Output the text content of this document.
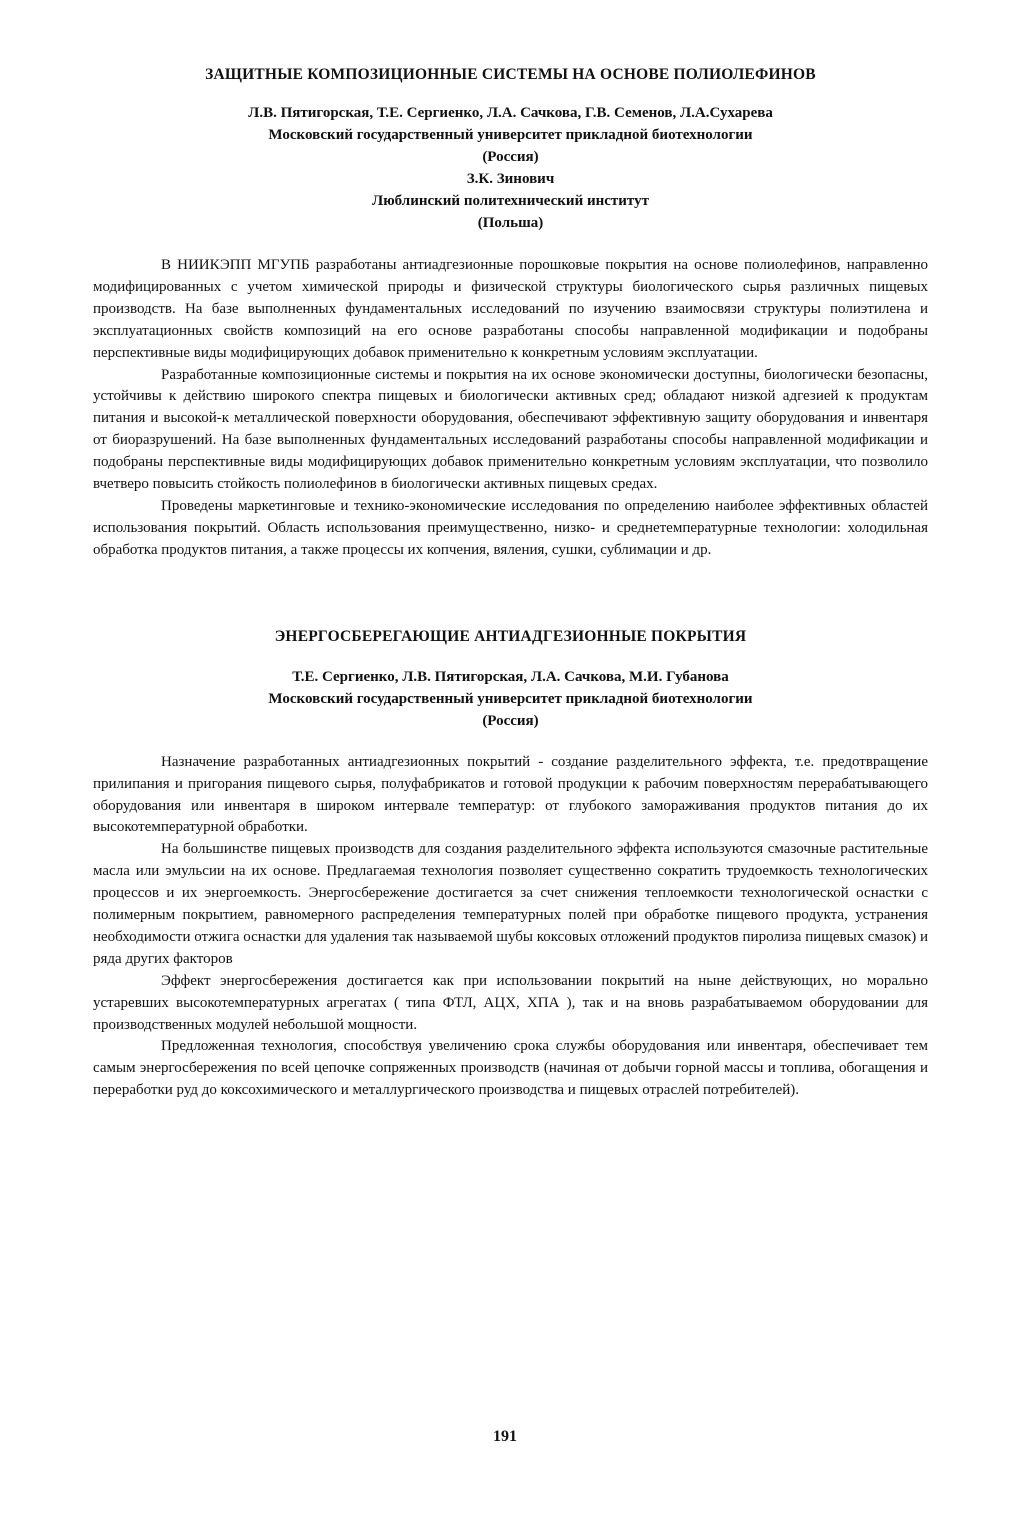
ЗАЩИТНЫЕ КОМПОЗИЦИОННЫЕ СИСТЕМЫ НА ОСНОВЕ ПОЛИОЛЕФИНОВ

Л.В. Пятигорская, Т.Е. Сергиенко, Л.А. Сачкова, Г.В. Семенов, Л.А.Сухарева

Московский государственный университет прикладной биотехнологии

(Россия)

З.К. Зинович

Люблинский политехнический институт

(Польша)

В НИИКЭПП МГУПБ разработаны антиадгезионные порошковые покрытия на основе полиолефинов, направленно модифицированных с учетом химической природы и физической структуры биологического сырья различных пищевых производств. На базе выполненных фундаментальных исследований по изучению взаимосвязи структуры полиэтилена и эксплуатационных свойств композиций на его основе разработаны способы направленной модификации и подобраны перспективные виды модифицирующих добавок применительно к конкретным условиям эксплуатации.

Разработанные композиционные системы и покрытия на их основе экономически доступны, биологически безопасны, устойчивы к действию широкого спектра пищевых и биологически активных сред; обладают низкой адгезией к продуктам питания и высокой-к металлической поверхности оборудования, обеспечивают эффективную защиту оборудования и инвентаря от биоразрушений. На базе выполненных фундаментальных исследований разработаны способы направленной модификации и подобраны перспективные виды модифицирующих добавок применительно конкретным условиям эксплуатации, что позволило вчетверо повысить стойкость полиолефинов в биологически активных пищевых средах.

Проведены маркетинговые и технико-экономические исследования по определению наиболее эффективных областей использования покрытий. Область использования преимущественно, низко- и среднетемпературные технологии: холодильная обработка продуктов питания, а также процессы их копчения, вяления, сушки, сублимации и др.

ЭНЕРГОСБЕРЕГАЮЩИЕ АНТИАДГЕЗИОННЫЕ ПОКРЫТИЯ

Т.Е. Сергиенко, Л.В. Пятигорская, Л.А. Сачкова, М.И. Губанова

Московский государственный университет прикладной биотехнологии

(Россия)

Назначение разработанных антиадгезионных покрытий - создание разделительного эффекта, т.е. предотвращение прилипания и пригорания пищевого сырья, полуфабрикатов и готовой продукции к рабочим поверхностям перерабатывающего оборудования или инвентаря в широком интервале температур: от глубокого замораживания продуктов питания до их высокотемпературной обработки.

На большинстве пищевых производств для создания разделительного эффекта используются смазочные растительные масла или эмульсии на их основе. Предлагаемая технология позволяет существенно сократить трудоемкость технологических процессов и их энергоемкость. Энергосбережение достигается за счет снижения теплоемкости технологической оснастки с полимерным покрытием, равномерного распределения температурных полей при обработке пищевого продукта, устранения необходимости отжига оснастки для удаления так называемой шубы коксовых отложений продуктов пиролиза пищевых смазок) и ряда других факторов

Эффект энергосбережения достигается как при использовании покрытий на ныне действующих, но морально устаревших высокотемпературных агрегатах ( типа ФТЛ, АЦХ, ХПА ), так и на вновь разрабатываемом оборудовании для производственных модулей небольшой мощности.

Предложенная технология, способствуя увеличению срока службы оборудования или инвентаря, обеспечивает тем самым энергосбережения по всей цепочке сопряженных производств (начиная от добычи горной массы и топлива, обогащения и переработки руд до коксохимического и металлургического производства и пищевых отраслей потребителей).

191
